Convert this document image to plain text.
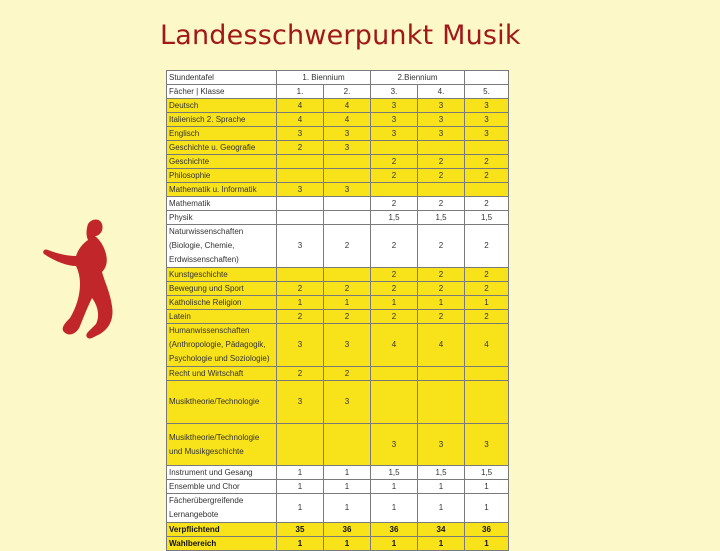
Landesschwerpunkt Musik
Stundentafel	1. Biennium		2.Biennium		
Fächer | Klasse	1.	2.	3.	4.	5.
Deutsch	4	4	3	3	3
Italienisch 2. Sprache	4	4	3	3	3
Englisch	3	3	3	3	3
Geschichte u. Geografie	2	3			
Geschichte			2	2	2
Philosophie			2	2	2
Mathematik u. Informatik	3	3			
Mathematik			2	2	2
Physik			1,5	1,5	1,5
Naturwissenschaften (Biologie, Chemie, Erdwissenschaften)	3	2	2	2	2
Kunstgeschichte			2	2	2
Bewegung und Sport	2	2	2	2	2
Katholische Religion	1	1	1	1	1
Latein	2	2	2	2	2
Humanwissenschaften (Anthropologie, Pädagogik, Psychologie und Soziologie)	3	3	4	4	4
Recht und Wirtschaft	2	2			
Musiktheorie/Technologie	3	3			
Musiktheorie/Technologie und Musikgeschichte			3	3	3
Instrument und Gesang	1	1	1,5	1,5	1,5
Ensemble und Chor	1	1	1	1	1
Fächerübergreifende Lernangebote	1	1	1	1	1
Verpflichtend	35	36	36	34	36
Wahlbereich	1	1	1	1	1
